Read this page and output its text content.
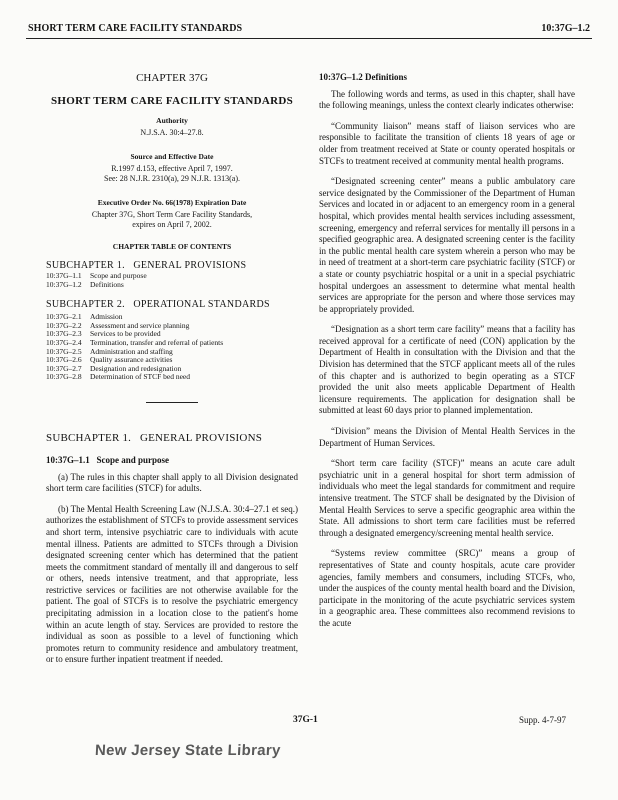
SHORT TERM CARE FACILITY STANDARDS	10:37G–1.2
CHAPTER 37G
SHORT TERM CARE FACILITY STANDARDS
Authority
N.J.S.A. 30:4–27.8.
Source and Effective Date
R.1997 d.153, effective April 7, 1997.
See: 28 N.J.R. 2310(a), 29 N.J.R. 1313(a).
Executive Order No. 66(1978) Expiration Date
Chapter 37G, Short Term Care Facility Standards,
expires on April 7, 2002.
CHAPTER TABLE OF CONTENTS
SUBCHAPTER 1.   GENERAL PROVISIONS
10:37G–1.1 Scope and purpose
10:37G–1.2 Definitions
SUBCHAPTER 2.   OPERATIONAL STANDARDS
10:37G–2.1 Admission
10:37G–2.2 Assessment and service planning
10:37G–2.3 Services to be provided
10:37G–2.4 Termination, transfer and referral of patients
10:37G–2.5 Administration and staffing
10:37G–2.6 Quality assurance activities
10:37G–2.7 Designation and redesignation
10:37G–2.8 Determination of STCF bed need
SUBCHAPTER 1.   GENERAL PROVISIONS
10:37G–1.1   Scope and purpose

(a) The rules in this chapter shall apply to all Division designated short term care facilities (STCF) for adults.

(b) The Mental Health Screening Law (N.J.S.A. 30:4–27.1 et seq.) authorizes the establishment of STCFs to provide assessment services and short term, intensive psychiatric care to individuals with acute mental illness. Patients are admitted to STCFs through a Division designated screening center which has determined that the patient meets the commitment standard of mentally ill and dangerous to self or others, needs intensive treatment, and that appropriate, less restrictive services or facilities are not otherwise available for the patient. The goal of STCFs is to resolve the psychiatric emergency precipitating admission in a location close to the patient's home within an acute length of stay. Services are provided to restore the individual as soon as possible to a level of functioning which promotes return to community residence and ambulatory treatment, or to ensure further inpatient treatment if needed.

10:37G–1.2 Definitions

The following words and terms, as used in this chapter, shall have the following meanings, unless the context clearly indicates otherwise:

“Community liaison” means staff of liaison services who are responsible to facilitate the transition of clients 18 years of age or older from treatment received at State or county operated hospitals or STCFs to treatment received at community mental health programs.

“Designated screening center” means a public ambulatory care service designated by the Commissioner of the Department of Human Services and located in or adjacent to an emergency room in a general hospital, which provides mental health services including assessment, screening, emergency and referral services for mentally ill persons in a specified geographic area. A designated screening center is the facility in the public mental health care system wherein a person who may be in need of treatment at a short-term care psychiatric facility (STCF) or a state or county psychiatric hospital or a unit in a special psychiatric hospital undergoes an assessment to determine what mental health services are appropriate for the person and where those services may be appropriately provided.

“Designation as a short term care facility” means that a facility has received approval for a certificate of need (CON) application by the Department of Health in consultation with the Division and that the Division has determined that the STCF applicant meets all of the rules of this chapter and is authorized to begin operating as a STCF provided the unit also meets applicable Department of Health licensure requirements. The application for designation shall be submitted at least 60 days prior to planned implementation.

“Division” means the Division of Mental Health Services in the Department of Human Services.

“Short term care facility (STCF)” means an acute care adult psychiatric unit in a general hospital for short term admission of individuals who meet the legal standards for commitment and require intensive treatment. The STCF shall be designated by the Division of Mental Health Services to serve a specific geographic area within the State. All admissions to short term care facilities must be referred through a designated emergency/screening mental health service.

“Systems review committee (SRC)” means a group of representatives of State and county hospitals, acute care provider agencies, family members and consumers, including STCFs, who, under the auspices of the county mental health board and the Division, participate in the monitoring of the acute psychiatric services system in a geographic area. These committees also recommend revisions to the acute

37G-1	Supp. 4-7-97
New Jersey State Library
